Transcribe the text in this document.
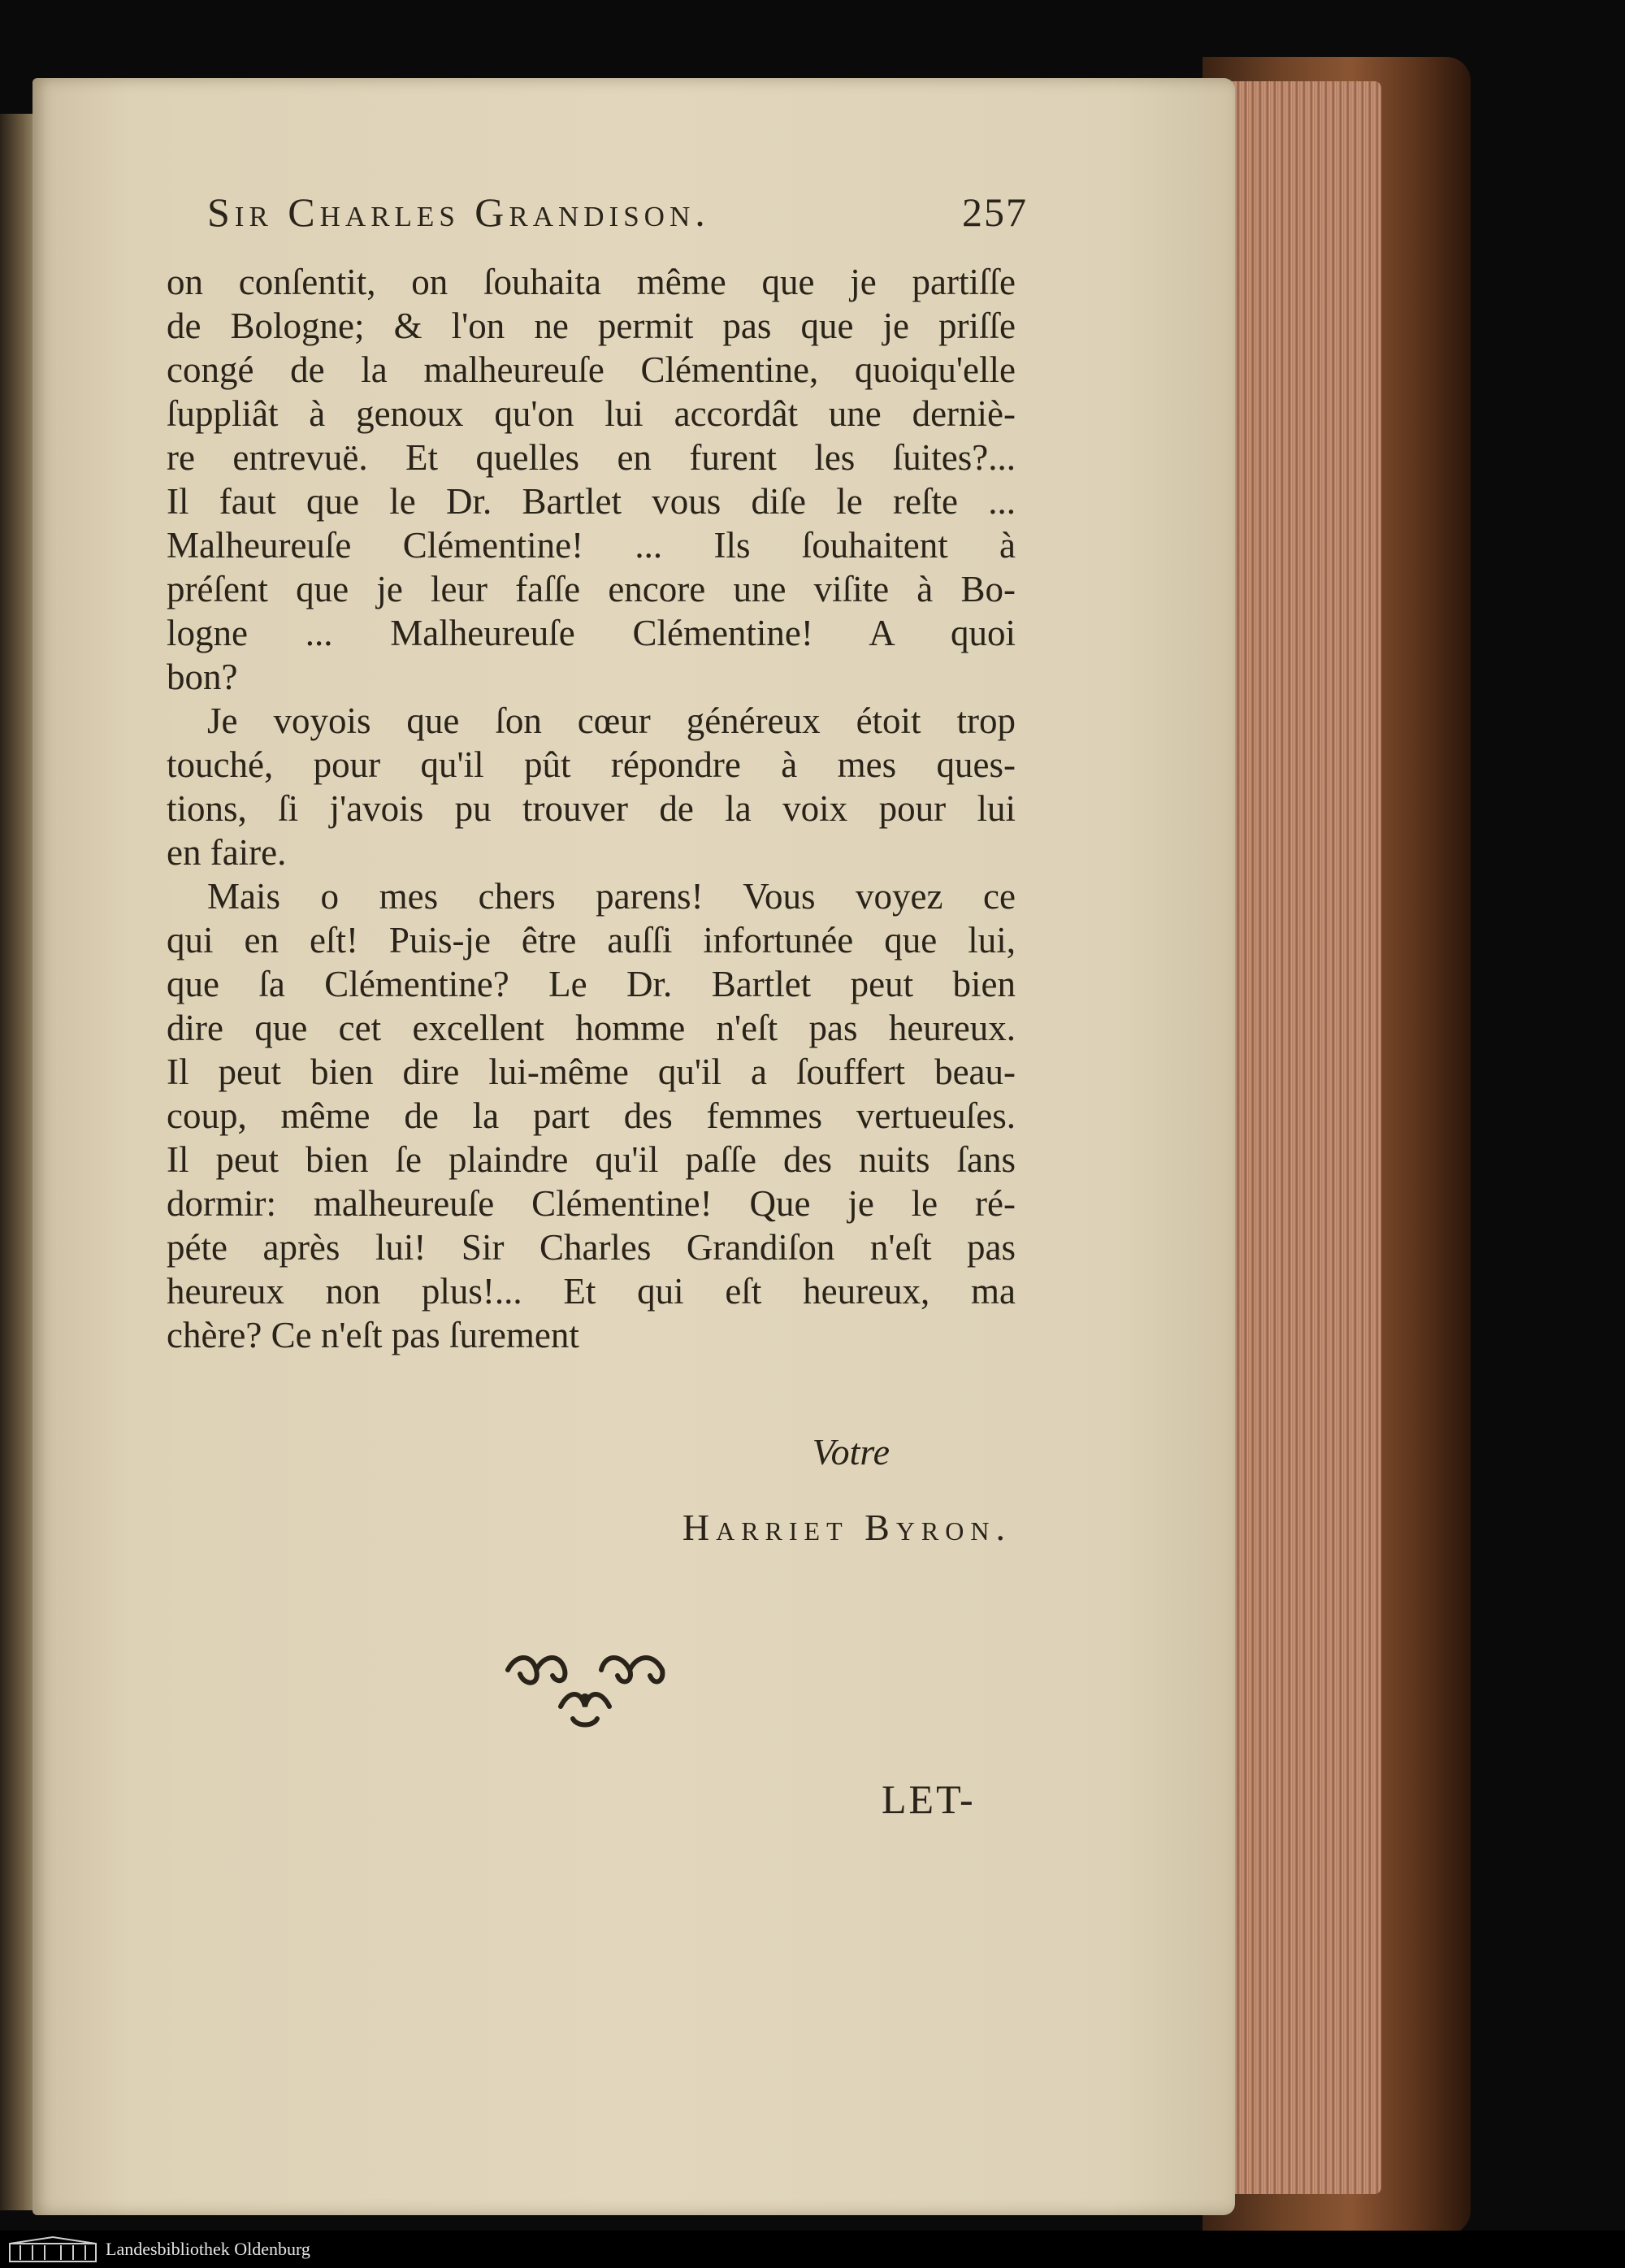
Sir Charles Grandison.	257
on conſentit, on ſouhaita même que je partiſſe
de Bologne; & l'on ne permit pas que je priſſe
congé de la malheureuſe Clémentine, quoiqu'elle
ſuppliât à genoux qu'on lui accordât une derniè-
re entrevuë. Et quelles en furent les ſuites?...
Il faut que le Dr. Bartlet vous diſe le reſte ...
Malheureuſe Clémentine! ... Ils ſouhaitent à
préſent que je leur faſſe encore une viſite à Bo-
logne ... Malheureuſe Clémentine! A quoi
bon?
Je voyois que ſon cœur généreux étoit trop
touché, pour qu'il pût répondre à mes ques-
tions, ſi j'avois pu trouver de la voix pour lui
en faire.
Mais o mes chers parens! Vous voyez ce
qui en eſt! Puis-je être auſſi infortunée que lui,
que ſa Clémentine? Le Dr. Bartlet peut bien
dire que cet excellent homme n'eſt pas heureux.
Il peut bien dire lui-même qu'il a ſouffert beau-
coup, même de la part des femmes vertueuſes.
Il peut bien ſe plaindre qu'il paſſe des nuits ſans
dormir: malheureuſe Clémentine! Que je le ré-
péte après lui! Sir Charles Grandiſon n'eſt pas
heureux non plus!... Et qui eſt heureux, ma
chère? Ce n'eſt pas ſurement
Votre
Harriet Byron.
LET-
Landesbibliothek Oldenburg
